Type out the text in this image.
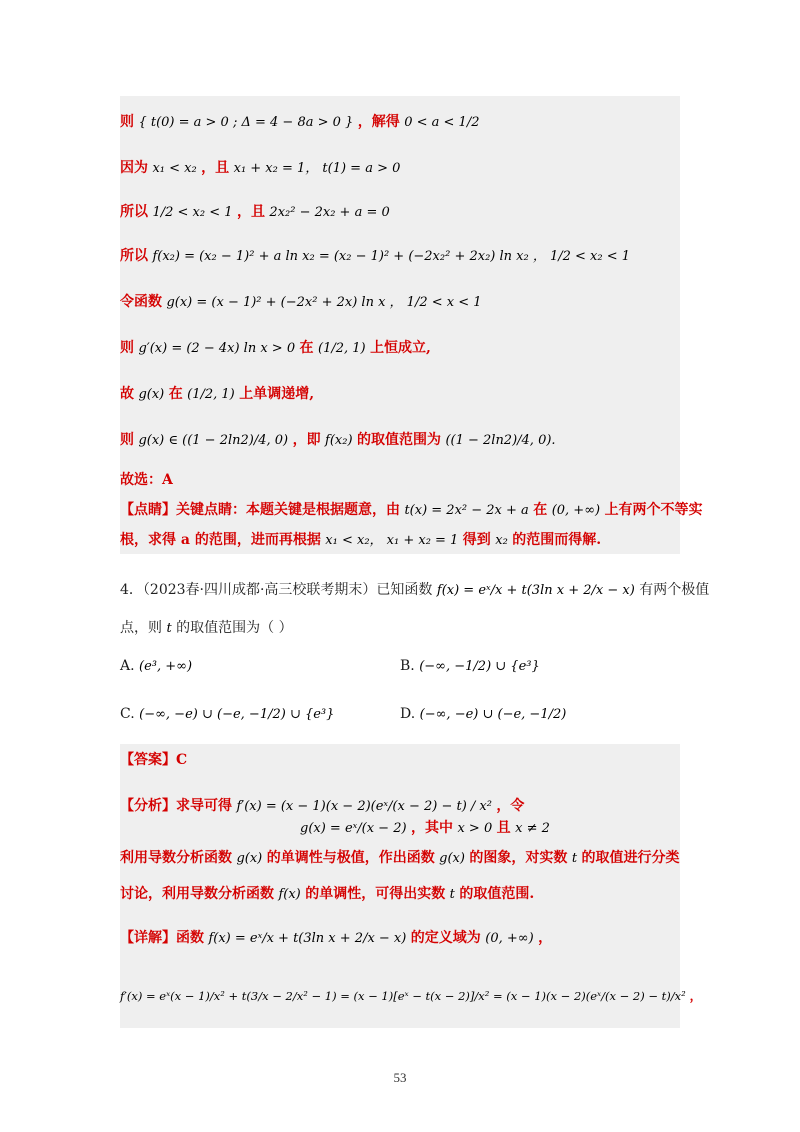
则 { t(0) = a > 0 ; Δ = 4 − 8a > 0 } ，解得 0 < a < 1/2
因为 x₁ < x₂ ，且 x₁ + x₂ = 1， t(1) = a > 0
所以 1/2 < x₂ < 1 ，且 2x₂² − 2x₂ + a = 0
所以 f(x₂) = (x₂ − 1)² + a ln x₂ = (x₂ − 1)² + (−2x₂² + 2x₂) ln x₂ ， 1/2 < x₂ < 1
令函数 g(x) = (x − 1)² + (−2x² + 2x) ln x ， 1/2 < x < 1
则 g′(x) = (2 − 4x) ln x > 0 在 (1/2, 1) 上恒成立,
故 g(x) 在 (1/2, 1) 上单调递增,
则 g(x) ∈ ((1 − 2ln2)/4, 0) ，即 f(x₂) 的取值范围为 ((1 − 2ln2)/4, 0).
故选：A
【点睛】关键点睛：本题关键是根据题意，由 t(x) = 2x² − 2x + a 在 (0, +∞) 上有两个不等实
根，求得 a 的范围，进而再根据 x₁ < x₂， x₁ + x₂ = 1 得到 x₂ 的范围而得解.
4．（2023春·四川成都·高三校联考期末）已知函数 f(x) = eˣ/x + t(3ln x + 2/x − x) 有两个极值
点，则 t 的取值范围为（ ）
A. (e³, +∞)	B. (−∞, −1/2) ∪ {e³}
C. (−∞, −e) ∪ (−e, −1/2) ∪ {e³}	D. (−∞, −e) ∪ (−e, −1/2)
【答案】C
【分析】求导可得 f′(x) = (x − 1)(x − 2)(eˣ/(x − 2) − t) / x² ，令
g(x) = eˣ/(x − 2) ，其中 x > 0 且 x ≠ 2
利用导数分析函数 g(x) 的单调性与极值，作出函数 g(x) 的图象，对实数 t 的取值进行分类
讨论，利用导数分析函数 f(x) 的单调性，可得出实数 t 的取值范围.
【详解】函数 f(x) = eˣ/x + t(3ln x + 2/x − x) 的定义域为 (0, +∞) ，
f′(x) = eˣ(x − 1)/x² + t(3/x − 2/x² − 1) = (x − 1)[eˣ − t(x − 2)]/x² = (x − 1)(x − 2)(eˣ/(x − 2) − t)/x² ，
53
